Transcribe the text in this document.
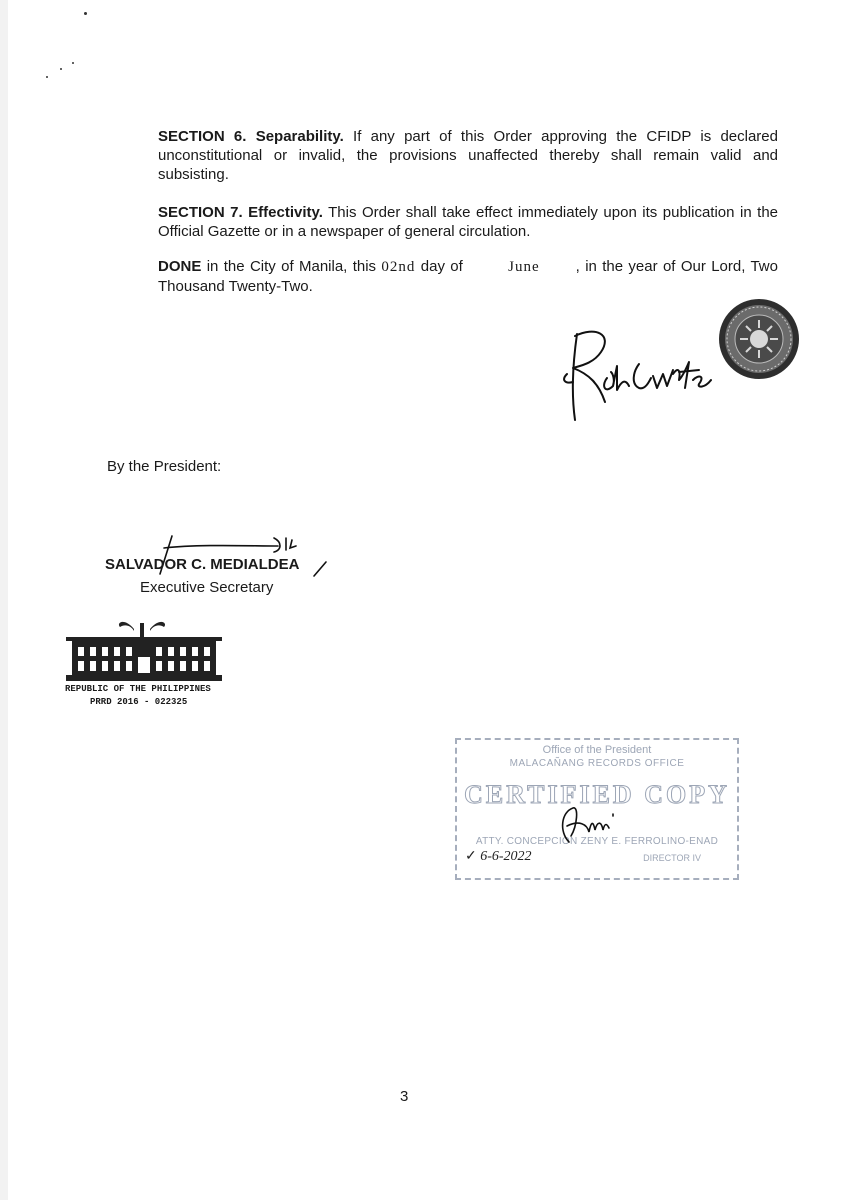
SECTION 6. Separability. If any part of this Order approving the CFIDP is declared unconstitutional or invalid, the provisions unaffected thereby shall remain valid and subsisting.

SECTION 7. Effectivity. This Order shall take effect immediately upon its publication in the Official Gazette or in a newspaper of general circulation.

DONE in the City of Manila, this 02nd day of	June , in the year of Our Lord, Two Thousand Twenty-Two.

By the President:
SALVADOR C. MEDIALDEA
Executive Secretary
REPUBLIC OF THE PHILIPPINES
PRRD 2016 - 022325
Office of the President
MALACAÑANG RECORDS OFFICE
CERTIFIED COPY
ATTY. CONCEPCION ZENY E. FERROLINO-ENAD
DIRECTOR IV
✓ 6-6-2022
3
